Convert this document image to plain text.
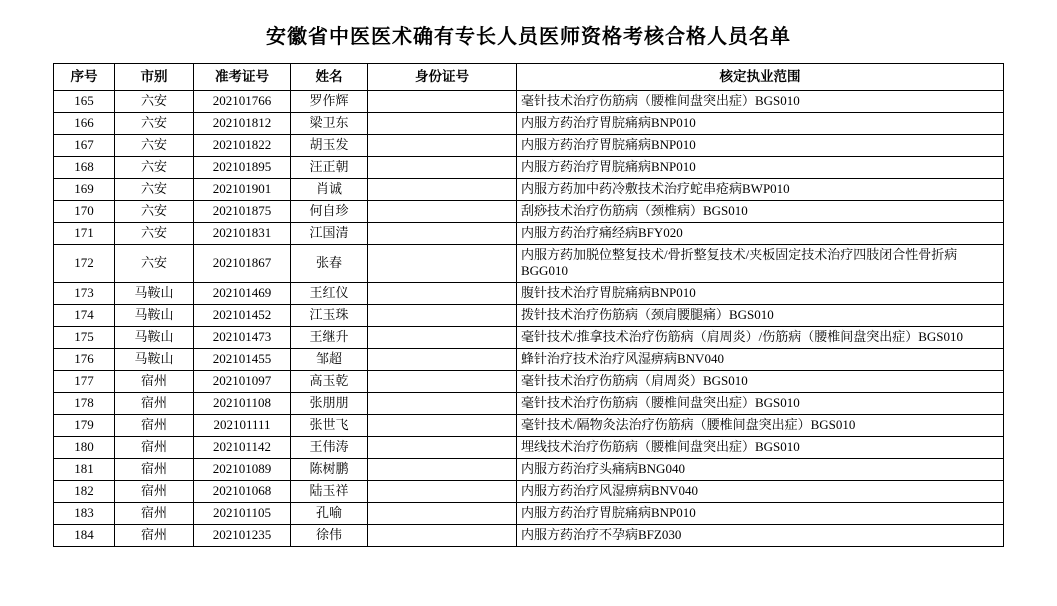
安徽省中医医术确有专长人员医师资格考核合格人员名单
序号	市别	准考证号	姓名	身份证号	核定执业范围
165	六安	202101766	罗作辉		毫针技术治疗伤筋病（腰椎间盘突出症）BGS010
166	六安	202101812	梁卫东		内服方药治疗胃脘痛病BNP010
167	六安	202101822	胡玉发		内服方药治疗胃脘痛病BNP010
168	六安	202101895	汪正朝		内服方药治疗胃脘痛病BNP010
169	六安	202101901	肖诚		内服方药加中药冷敷技术治疗蛇串疮病BWP010
170	六安	202101875	何自珍		刮痧技术治疗伤筋病（颈椎病）BGS010
171	六安	202101831	江国清		内服方药治疗痛经病BFY020
172	六安	202101867	张春		内服方药加脱位整复技术/骨折整复技术/夹板固定技术治疗四肢闭合性骨折病BGG010
173	马鞍山	202101469	王红仪		腹针技术治疗胃脘痛病BNP010
174	马鞍山	202101452	江玉珠		拨针技术治疗伤筋病（颈肩腰腿痛）BGS010
175	马鞍山	202101473	王继升		毫针技术/推拿技术治疗伤筋病（肩周炎）/伤筋病（腰椎间盘突出症）BGS010
176	马鞍山	202101455	邹超		蜂针治疗技术治疗风湿痹病BNV040
177	宿州	202101097	高玉乾		毫针技术治疗伤筋病（肩周炎）BGS010
178	宿州	202101108	张朋朋		毫针技术治疗伤筋病（腰椎间盘突出症）BGS010
179	宿州	202101111	张世飞		毫针技术/隔物灸法治疗伤筋病（腰椎间盘突出症）BGS010
180	宿州	202101142	王伟涛		埋线技术治疗伤筋病（腰椎间盘突出症）BGS010
181	宿州	202101089	陈树鹏		内服方药治疗头痛病BNG040
182	宿州	202101068	陆玉祥		内服方药治疗风湿痹病BNV040
183	宿州	202101105	孔喻		内服方药治疗胃脘痛病BNP010
184	宿州	202101235	徐伟		内服方药治疗不孕病BFZ030
